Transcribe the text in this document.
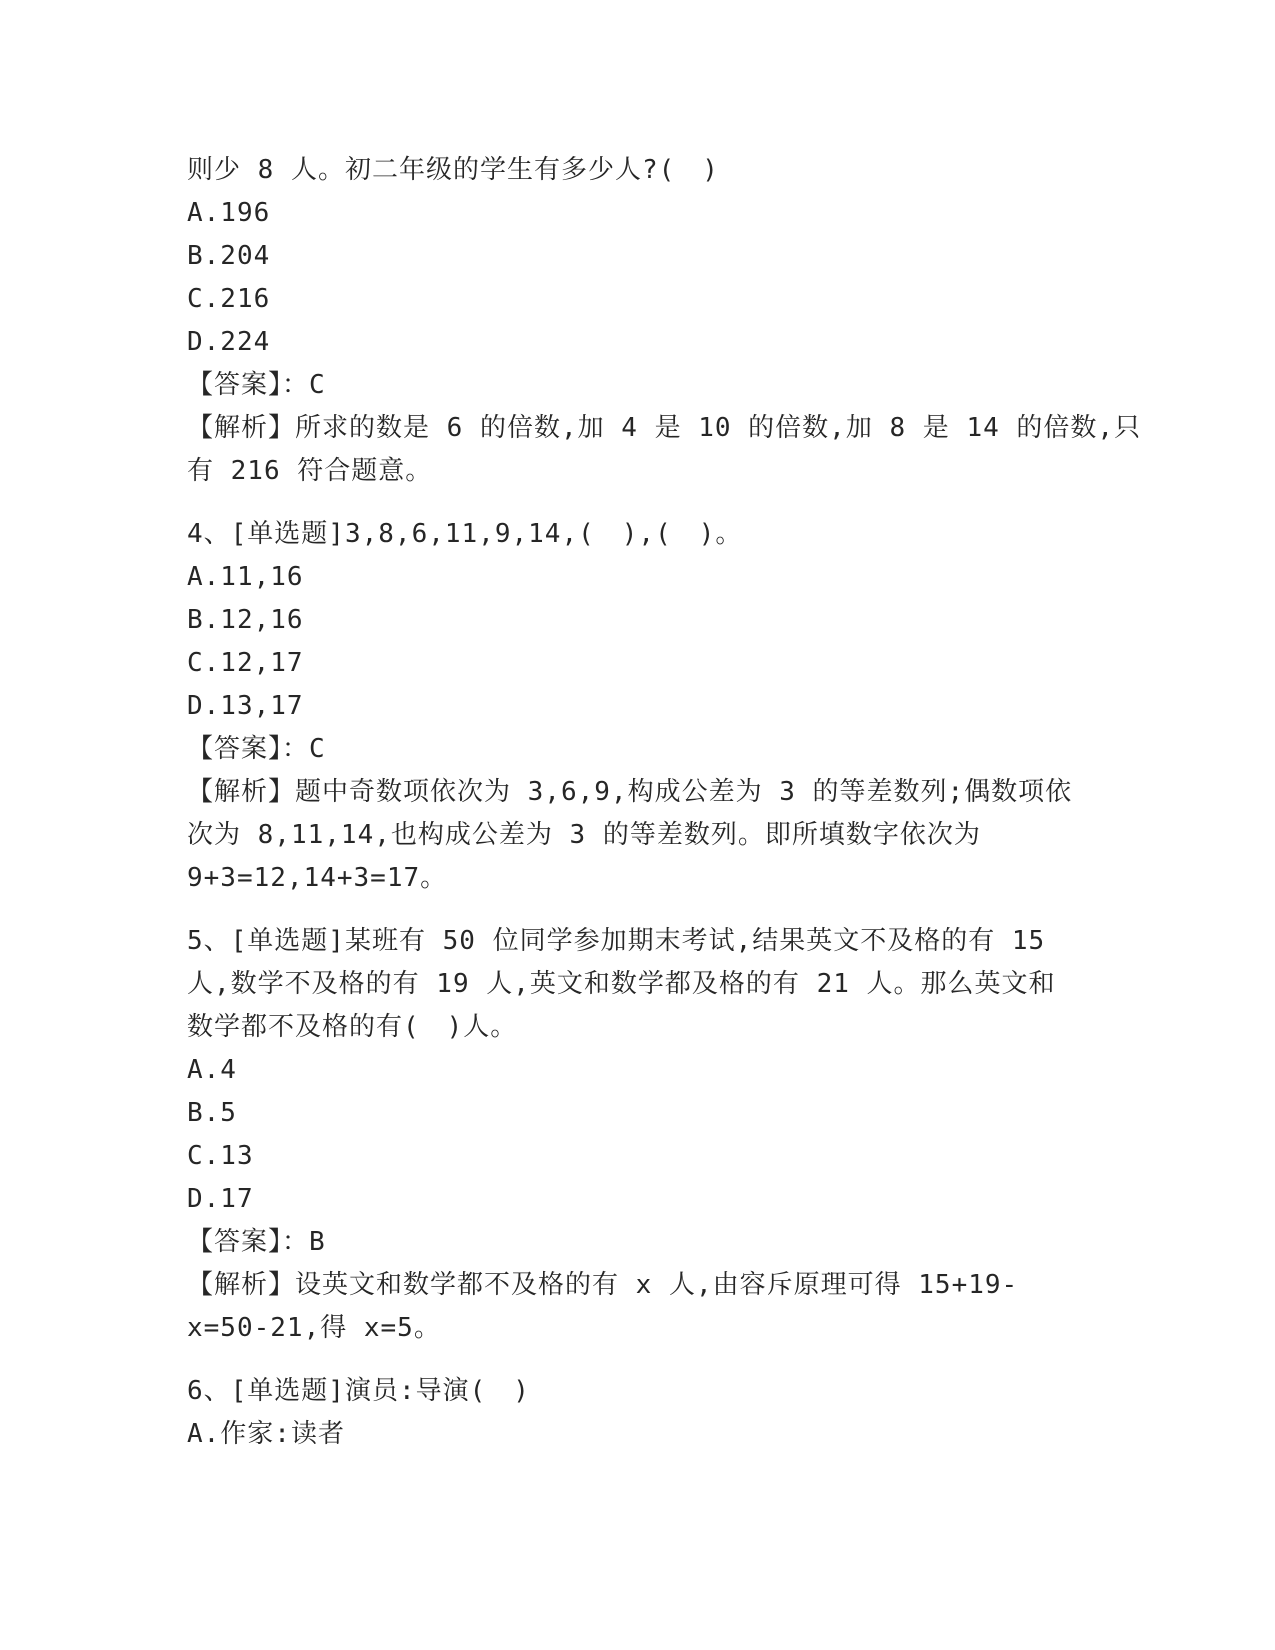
则少 8 人。初二年级的学生有多少人?(　)
A.196
B.204
C.216
D.224
【答案】：C
【解析】所求的数是 6 的倍数,加 4 是 10 的倍数,加 8 是 14 的倍数,只
有 216 符合题意。
4、[单选题]3,8,6,11,9,14,(　),(　)。
A.11,16
B.12,16
C.12,17
D.13,17
【答案】：C
【解析】题中奇数项依次为 3,6,9,构成公差为 3 的等差数列;偶数项依
次为 8,11,14,也构成公差为 3 的等差数列。即所填数字依次为
9+3=12,14+3=17。
5、[单选题]某班有 50 位同学参加期末考试,结果英文不及格的有 15
人,数学不及格的有 19 人,英文和数学都及格的有 21 人。那么英文和
数学都不及格的有(　)人。
A.4
B.5
C.13
D.17
【答案】：B
【解析】设英文和数学都不及格的有 x 人,由容斥原理可得 15+19-
x=50-21,得 x=5。
6、[单选题]演员:导演(　)
A.作家:读者
